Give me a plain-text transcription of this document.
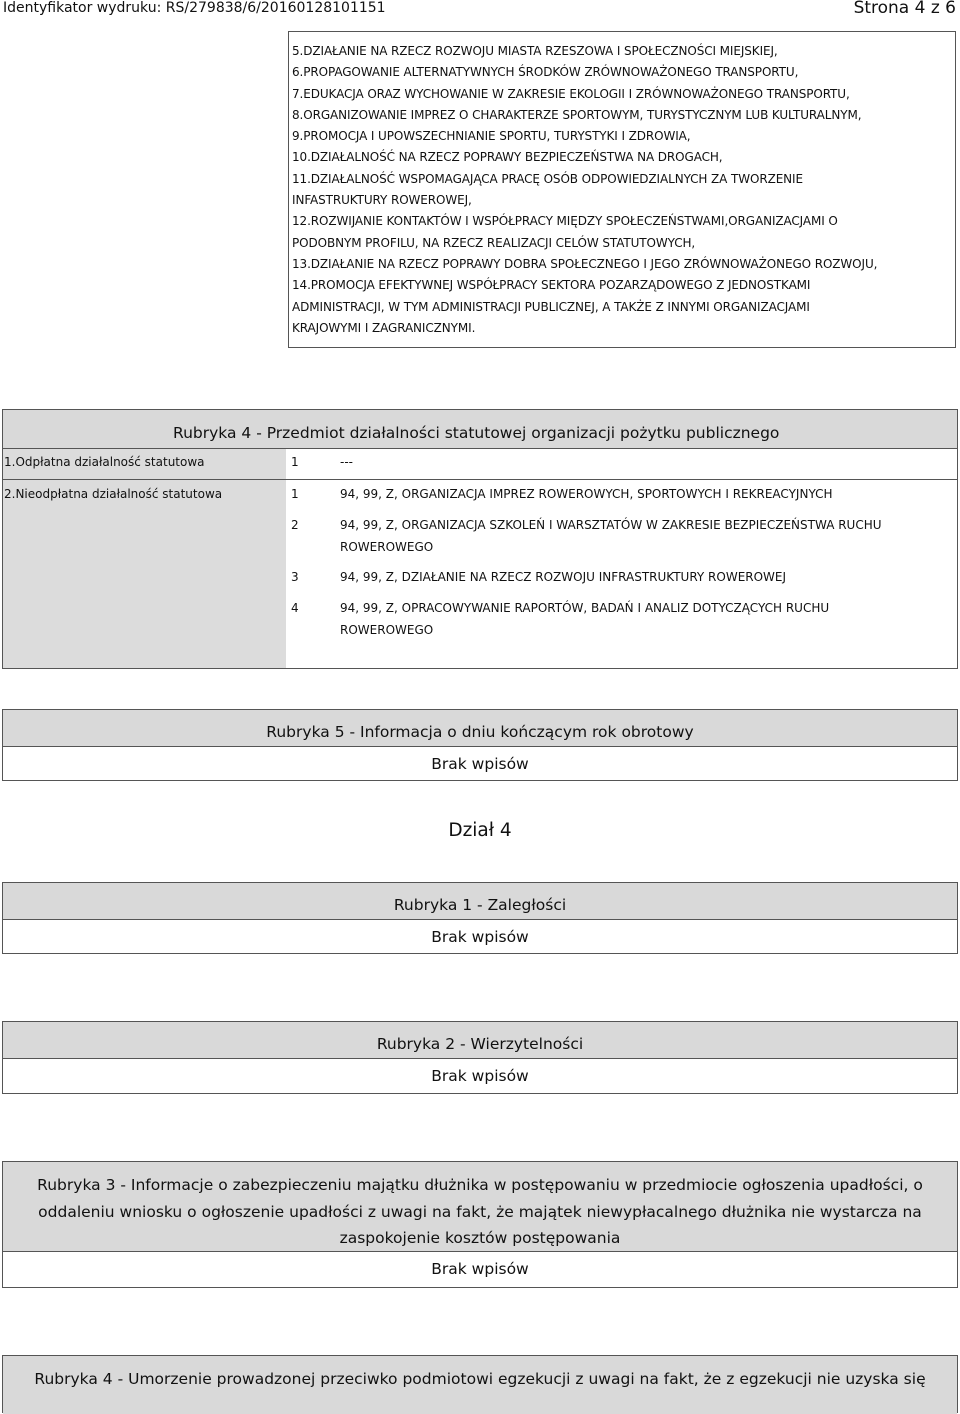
Identyfikator wydruku: RS/279838/6/20160128101151	Strona 4 z 6
5.DZIAŁANIE NA RZECZ ROZWOJU MIASTA RZESZOWA I SPOŁECZNOŚCI MIEJSKIEJ,
6.PROPAGOWANIE ALTERNATYWNYCH ŚRODKÓW ZRÓWNOWAŻONEGO TRANSPORTU,
7.EDUKACJA ORAZ WYCHOWANIE W ZAKRESIE EKOLOGII I ZRÓWNOWAŻONEGO TRANSPORTU,
8.ORGANIZOWANIE IMPREZ O CHARAKTERZE SPORTOWYM, TURYSTYCZNYM LUB KULTURALNYM,
9.PROMOCJA I UPOWSZECHNIANIE SPORTU, TURYSTYKI I ZDROWIA,
10.DZIAŁALNOŚĆ NA RZECZ POPRAWY BEZPIECZEŃSTWA NA DROGACH,
11.DZIAŁALNOŚĆ WSPOMAGAJĄCA PRACĘ OSÓB ODPOWIEDZIALNYCH ZA TWORZENIE
INFASTRUKTURY ROWEROWEJ,
12.ROZWIJANIE KONTAKTÓW I WSPÓŁPRACY MIĘDZY SPOŁECZEŃSTWAMI,ORGANIZACJAMI O
PODOBNYM PROFILU, NA RZECZ REALIZACJI CELÓW STATUTOWYCH,
13.DZIAŁANIE NA RZECZ POPRAWY DOBRA SPOŁECZNEGO I JEGO ZRÓWNOWAŻONEGO ROZWOJU,
14.PROMOCJA EFEKTYWNEJ WSPÓŁPRACY SEKTORA POZARZĄDOWEGO Z JEDNOSTKAMI
ADMINISTRACJI, W TYM ADMINISTRACJI PUBLICZNEJ, A TAKŻE Z INNYMI ORGANIZACJAMI
KRAJOWYMI I ZAGRANICZNYMI.
Rubryka 4 - Przedmiot działalności statutowej organizacji pożytku publicznego
1.Odpłatna działalność statutowa	1	---
2.Nieodpłatna działalność statutowa	1	94, 99, Z, ORGANIZACJA IMPREZ ROWEROWYCH, SPORTOWYCH I REKREACYJNYCH
2	94, 99, Z, ORGANIZACJA SZKOLEŃ I WARSZTATÓW W ZAKRESIE BEZPIECZEŃSTWA RUCHU
ROWEROWEGO
3	94, 99, Z, DZIAŁANIE NA RZECZ ROZWOJU INFRASTRUKTURY ROWEROWEJ
4	94, 99, Z, OPRACOWYWANIE RAPORTÓW, BADAŃ I ANALIZ DOTYCZĄCYCH RUCHU
ROWEROWEGO
Rubryka 5 - Informacja o dniu kończącym rok obrotowy
Brak wpisów
Dział 4
Rubryka 1 - Zaległości
Brak wpisów
Rubryka 2 - Wierzytelności
Brak wpisów
Rubryka 3 - Informacje o zabezpieczeniu majątku dłużnika w postępowaniu w przedmiocie ogłoszenia upadłości, o
oddaleniu wniosku o ogłoszenie upadłości z uwagi na fakt, że majątek niewypłacalnego dłużnika nie wystarcza na
zaspokojenie kosztów postępowania
Brak wpisów
Rubryka 4 - Umorzenie prowadzonej przeciwko podmiotowi egzekucji z uwagi na fakt, że z egzekucji nie uzyska się
